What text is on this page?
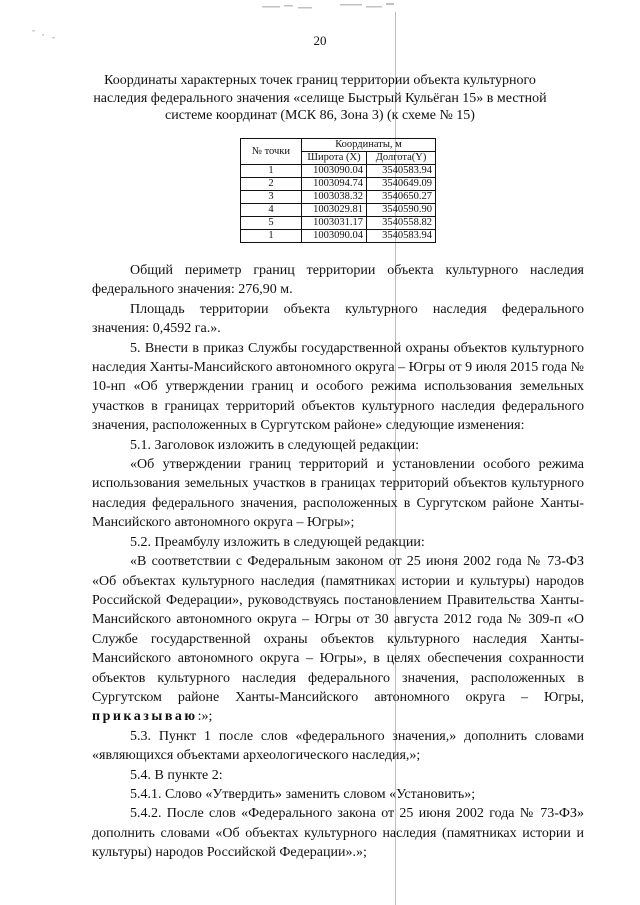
20
Координаты характерных точек границ территории объекта культурного наследия федерального значения «селище Быстрый Кульёган 15» в местной системе координат (МСК 86, Зона 3) (к схеме № 15)
№ точки	Координаты, м	
	Широта (X)	Долгота(Y)
1	1003090.04	3540583.94
2	1003094.74	3540649.09
3	1003038.32	3540650.27
4	1003029.81	3540590.90
5	1003031.17	3540558.82
1	1003090.04	3540583.94

Общий периметр границ территории объекта культурного наследия федерального значения: 276,90 м.

Площадь территории объекта культурного наследия федерального значения: 0,4592 га.».

5. Внести в приказ Службы государственной охраны объектов культурного наследия Ханты-Мансийского автономного округа – Югры от 9 июля 2015 года № 10-нп «Об утверждении границ и особого режима использования земельных участков в границах территорий объектов культурного наследия федерального значения, расположенных в Сургутском районе» следующие изменения:

5.1. Заголовок изложить в следующей редакции:

«Об утверждении границ территорий и установлении особого режима использования земельных участков в границах территорий объектов культурного наследия федерального значения, расположенных в Сургутском районе Ханты-Мансийского автономного округа – Югры»;

5.2. Преамбулу изложить в следующей редакции:

«В соответствии с Федеральным законом от 25 июня 2002 года № 73-ФЗ «Об объектах культурного наследия (памятниках истории и культуры) народов Российской Федерации», руководствуясь постановлением Правительства Ханты-Мансийского автономного округа – Югры от 30 августа 2012 года № 309-п «О Службе государственной охраны объектов культурного наследия Ханты-Мансийского автономного округа – Югры», в целях обеспечения сохранности объектов культурного наследия федерального значения, расположенных в Сургутском районе Ханты-Мансийского автономного округа – Югры, приказываю:»;

5.3. Пункт 1 после слов «федерального значения,» дополнить словами «являющихся объектами археологического наследия,»;

5.4. В пункте 2:

5.4.1. Слово «Утвердить» заменить словом «Установить»;

5.4.2. После слов «Федерального закона от 25 июня 2002 года № 73-ФЗ» дополнить словами «Об объектах культурного наследия (памятниках истории и культуры) народов Российской Федерации».»;
